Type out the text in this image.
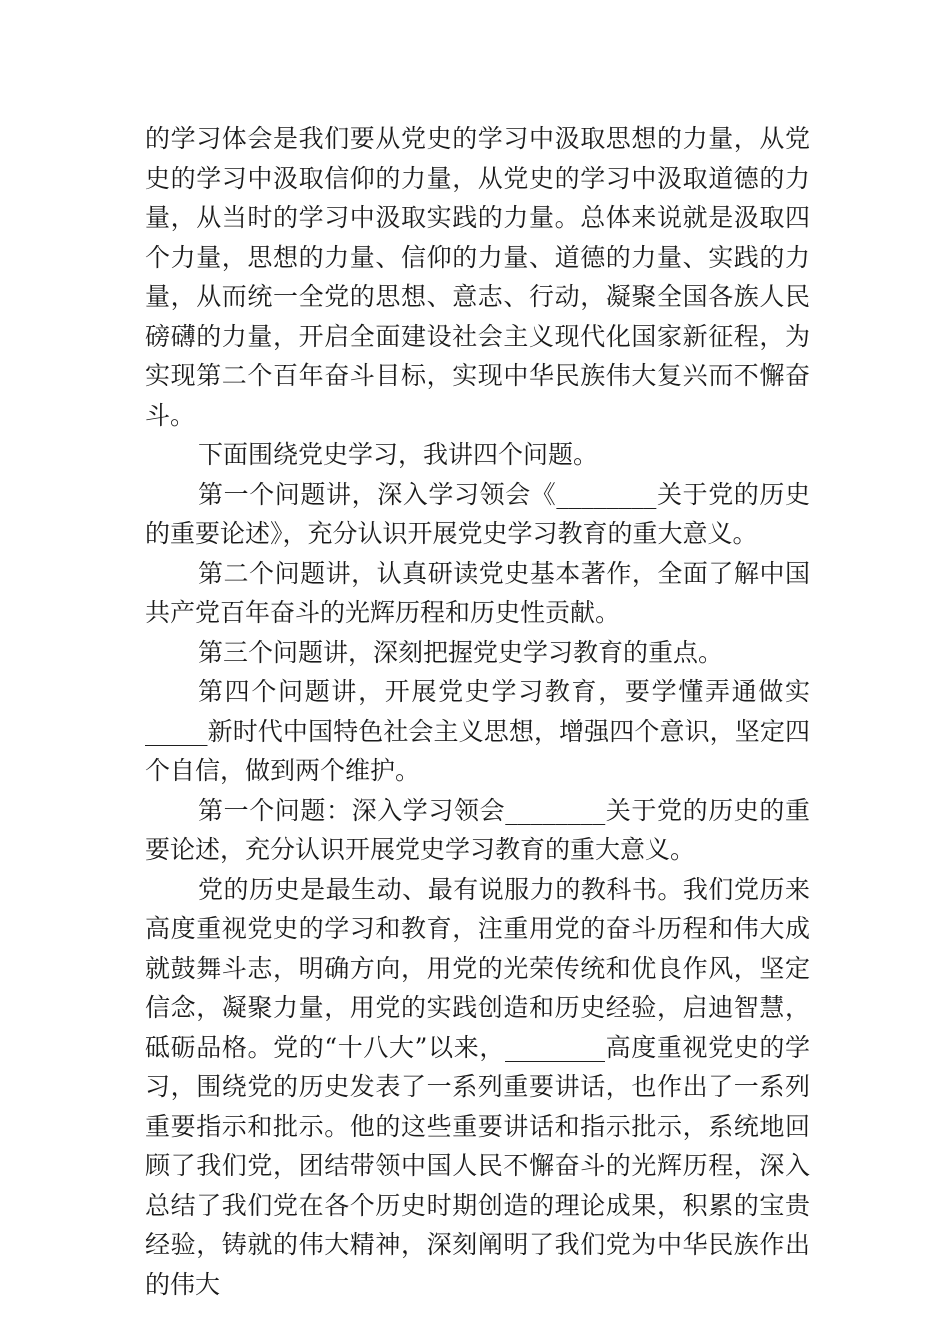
的学习体会是我们要从党史的学习中汲取思想的力量，从党史的学习中汲取信仰的力量，从党史的学习中汲取道德的力量，从当时的学习中汲取实践的力量。总体来说就是汲取四个力量，思想的力量、信仰的力量、道德的力量、实践的力量，从而统一全党的思想、意志、行动，凝聚全国各族人民磅礴的力量，开启全面建设社会主义现代化国家新征程，为实现第二个百年奋斗目标，实现中华民族伟大复兴而不懈奋斗。

下面围绕党史学习，我讲四个问题。

第一个问题讲，深入学习领会《________关于党的历史的重要论述》，充分认识开展党史学习教育的重大意义。

第二个问题讲，认真研读党史基本著作，全面了解中国共产党百年奋斗的光辉历程和历史性贡献。

第三个问题讲，深刻把握党史学习教育的重点。

第四个问题讲，开展党史学习教育，要学懂弄通做实_____新时代中国特色社会主义思想，增强四个意识，坚定四个自信，做到两个维护。

第一个问题：深入学习领会________关于党的历史的重要论述，充分认识开展党史学习教育的重大意义。

党的历史是最生动、最有说服力的教科书。我们党历来高度重视党史的学习和教育，注重用党的奋斗历程和伟大成就鼓舞斗志，明确方向，用党的光荣传统和优良作风，坚定信念，凝聚力量，用党的实践创造和历史经验，启迪智慧，砥砺品格。党的“十八大”以来，________高度重视党史的学习，围绕党的历史发表了一系列重要讲话，也作出了一系列重要指示和批示。他的这些重要讲话和指示批示，系统地回顾了我们党，团结带领中国人民不懈奋斗的光辉历程，深入总结了我们党在各个历史时期创造的理论成果，积累的宝贵经验，铸就的伟大精神，深刻阐明了我们党为中华民族作出的伟大
